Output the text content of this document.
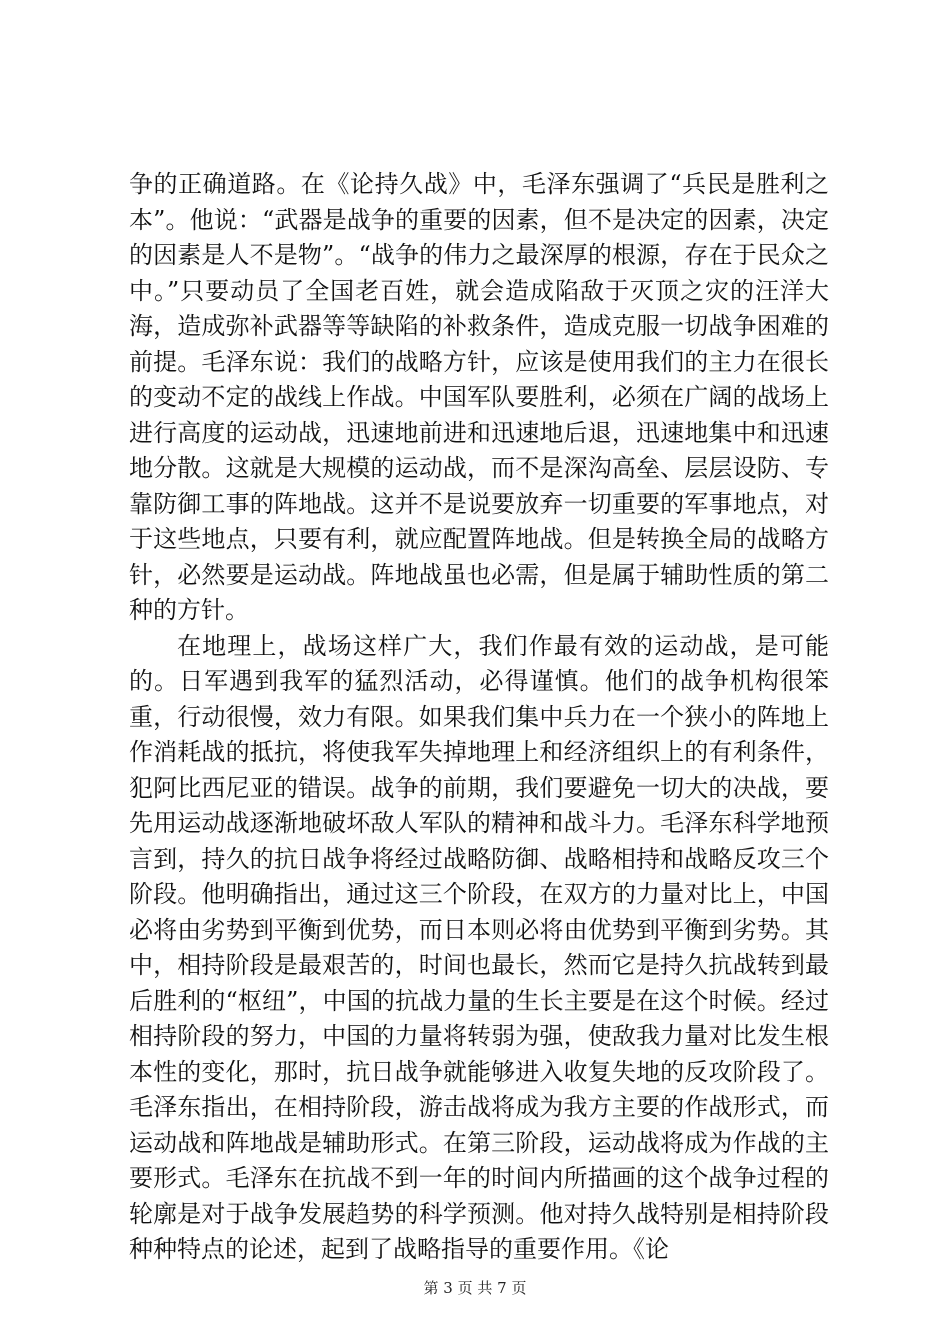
争的正确道路。在《论持久战》中，毛泽东强调了“兵民是胜利之本”。他说：“武器是战争的重要的因素，但不是决定的因素，决定的因素是人不是物”。“战争的伟力之最深厚的根源，存在于民众之中。”只要动员了全国老百姓，就会造成陷敌于灭顶之灾的汪洋大海，造成弥补武器等等缺陷的补救条件，造成克服一切战争困难的前提。毛泽东说：我们的战略方针，应该是使用我们的主力在很长的变动不定的战线上作战。中国军队要胜利，必须在广阔的战场上进行高度的运动战，迅速地前进和迅速地后退，迅速地集中和迅速地分散。这就是大规模的运动战，而不是深沟高垒、层层设防、专靠防御工事的阵地战。这并不是说要放弃一切重要的军事地点，对于这些地点，只要有利，就应配置阵地战。但是转换全局的战略方针，必然要是运动战。阵地战虽也必需，但是属于辅助性质的第二种的方针。

在地理上，战场这样广大，我们作最有效的运动战，是可能的。日军遇到我军的猛烈活动，必得谨慎。他们的战争机构很笨重，行动很慢，效力有限。如果我们集中兵力在一个狭小的阵地上作消耗战的抵抗，将使我军失掉地理上和经济组织上的有利条件，犯阿比西尼亚的错误。战争的前期，我们要避免一切大的决战，要先用运动战逐渐地破坏敌人军队的精神和战斗力。毛泽东科学地预言到，持久的抗日战争将经过战略防御、战略相持和战略反攻三个阶段。他明确指出，通过这三个阶段，在双方的力量对比上，中国必将由劣势到平衡到优势，而日本则必将由优势到平衡到劣势。其中，相持阶段是最艰苦的，时间也最长，然而它是持久抗战转到最后胜利的“枢纽”，中国的抗战力量的生长主要是在这个时候。经过相持阶段的努力，中国的力量将转弱为强，使敌我力量对比发生根本性的变化，那时，抗日战争就能够进入收复失地的反攻阶段了。毛泽东指出，在相持阶段，游击战将成为我方主要的作战形式，而运动战和阵地战是辅助形式。在第三阶段，运动战将成为作战的主要形式。毛泽东在抗战不到一年的时间内所描画的这个战争过程的轮廓是对于战争发展趋势的科学预测。他对持久战特别是相持阶段种种特点的论述，起到了战略指导的重要作用。《论

第 3 页 共 7 页
